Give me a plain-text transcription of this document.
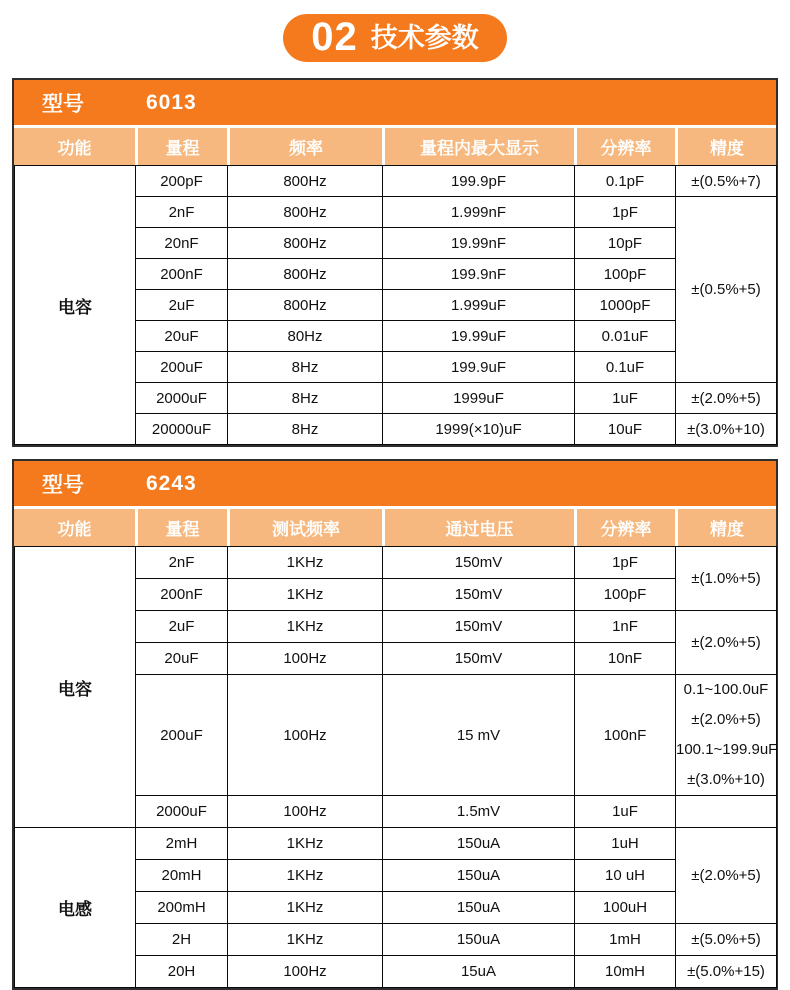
02 技术参数
型号	6013
功能	量程	频率	量程内最大显示	分辨率	精度
电容	200pF	800Hz	199.9pF	0.1pF	±(0.5%+7)
	2nF	800Hz	1.999nF	1pF	±(0.5%+5)
	20nF	800Hz	19.99nF	10pF	
	200nF	800Hz	199.9nF	100pF	
	2uF	800Hz	1.999uF	1000pF	
	20uF	80Hz	19.99uF	0.01uF	
	200uF	8Hz	199.9uF	0.1uF	
	2000uF	8Hz	1999uF	1uF	±(2.0%+5)
	20000uF	8Hz	1999(×10)uF	10uF	±(3.0%+10)
型号	6243
功能	量程	测试频率	通过电压	分辨率	精度
电容	2nF	1KHz	150mV	1pF	±(1.0%+5)

	200nF	1KHz	150mV	100pF	
	2uF	1KHz	150mV	1nF	±(2.0%+5)

	20uF	100Hz	150mV	10nF	
	200uF	100Hz	15 mV	100nF	0.1~100.0uF
±(2.0%+5)
100.1~199.9uF
±(3.0%+10)

	2000uF	100Hz	1.5mV	1uF	
电感	2mH	1KHz	150uA	1uH	±(2.0%+5)
	20mH	1KHz	150uA	10 uH	
	200mH	1KHz	150uA	100uH	
	2H	1KHz	150uA	1mH	±(5.0%+5)
	20H	100Hz	15uA	10mH	±(5.0%+15)
